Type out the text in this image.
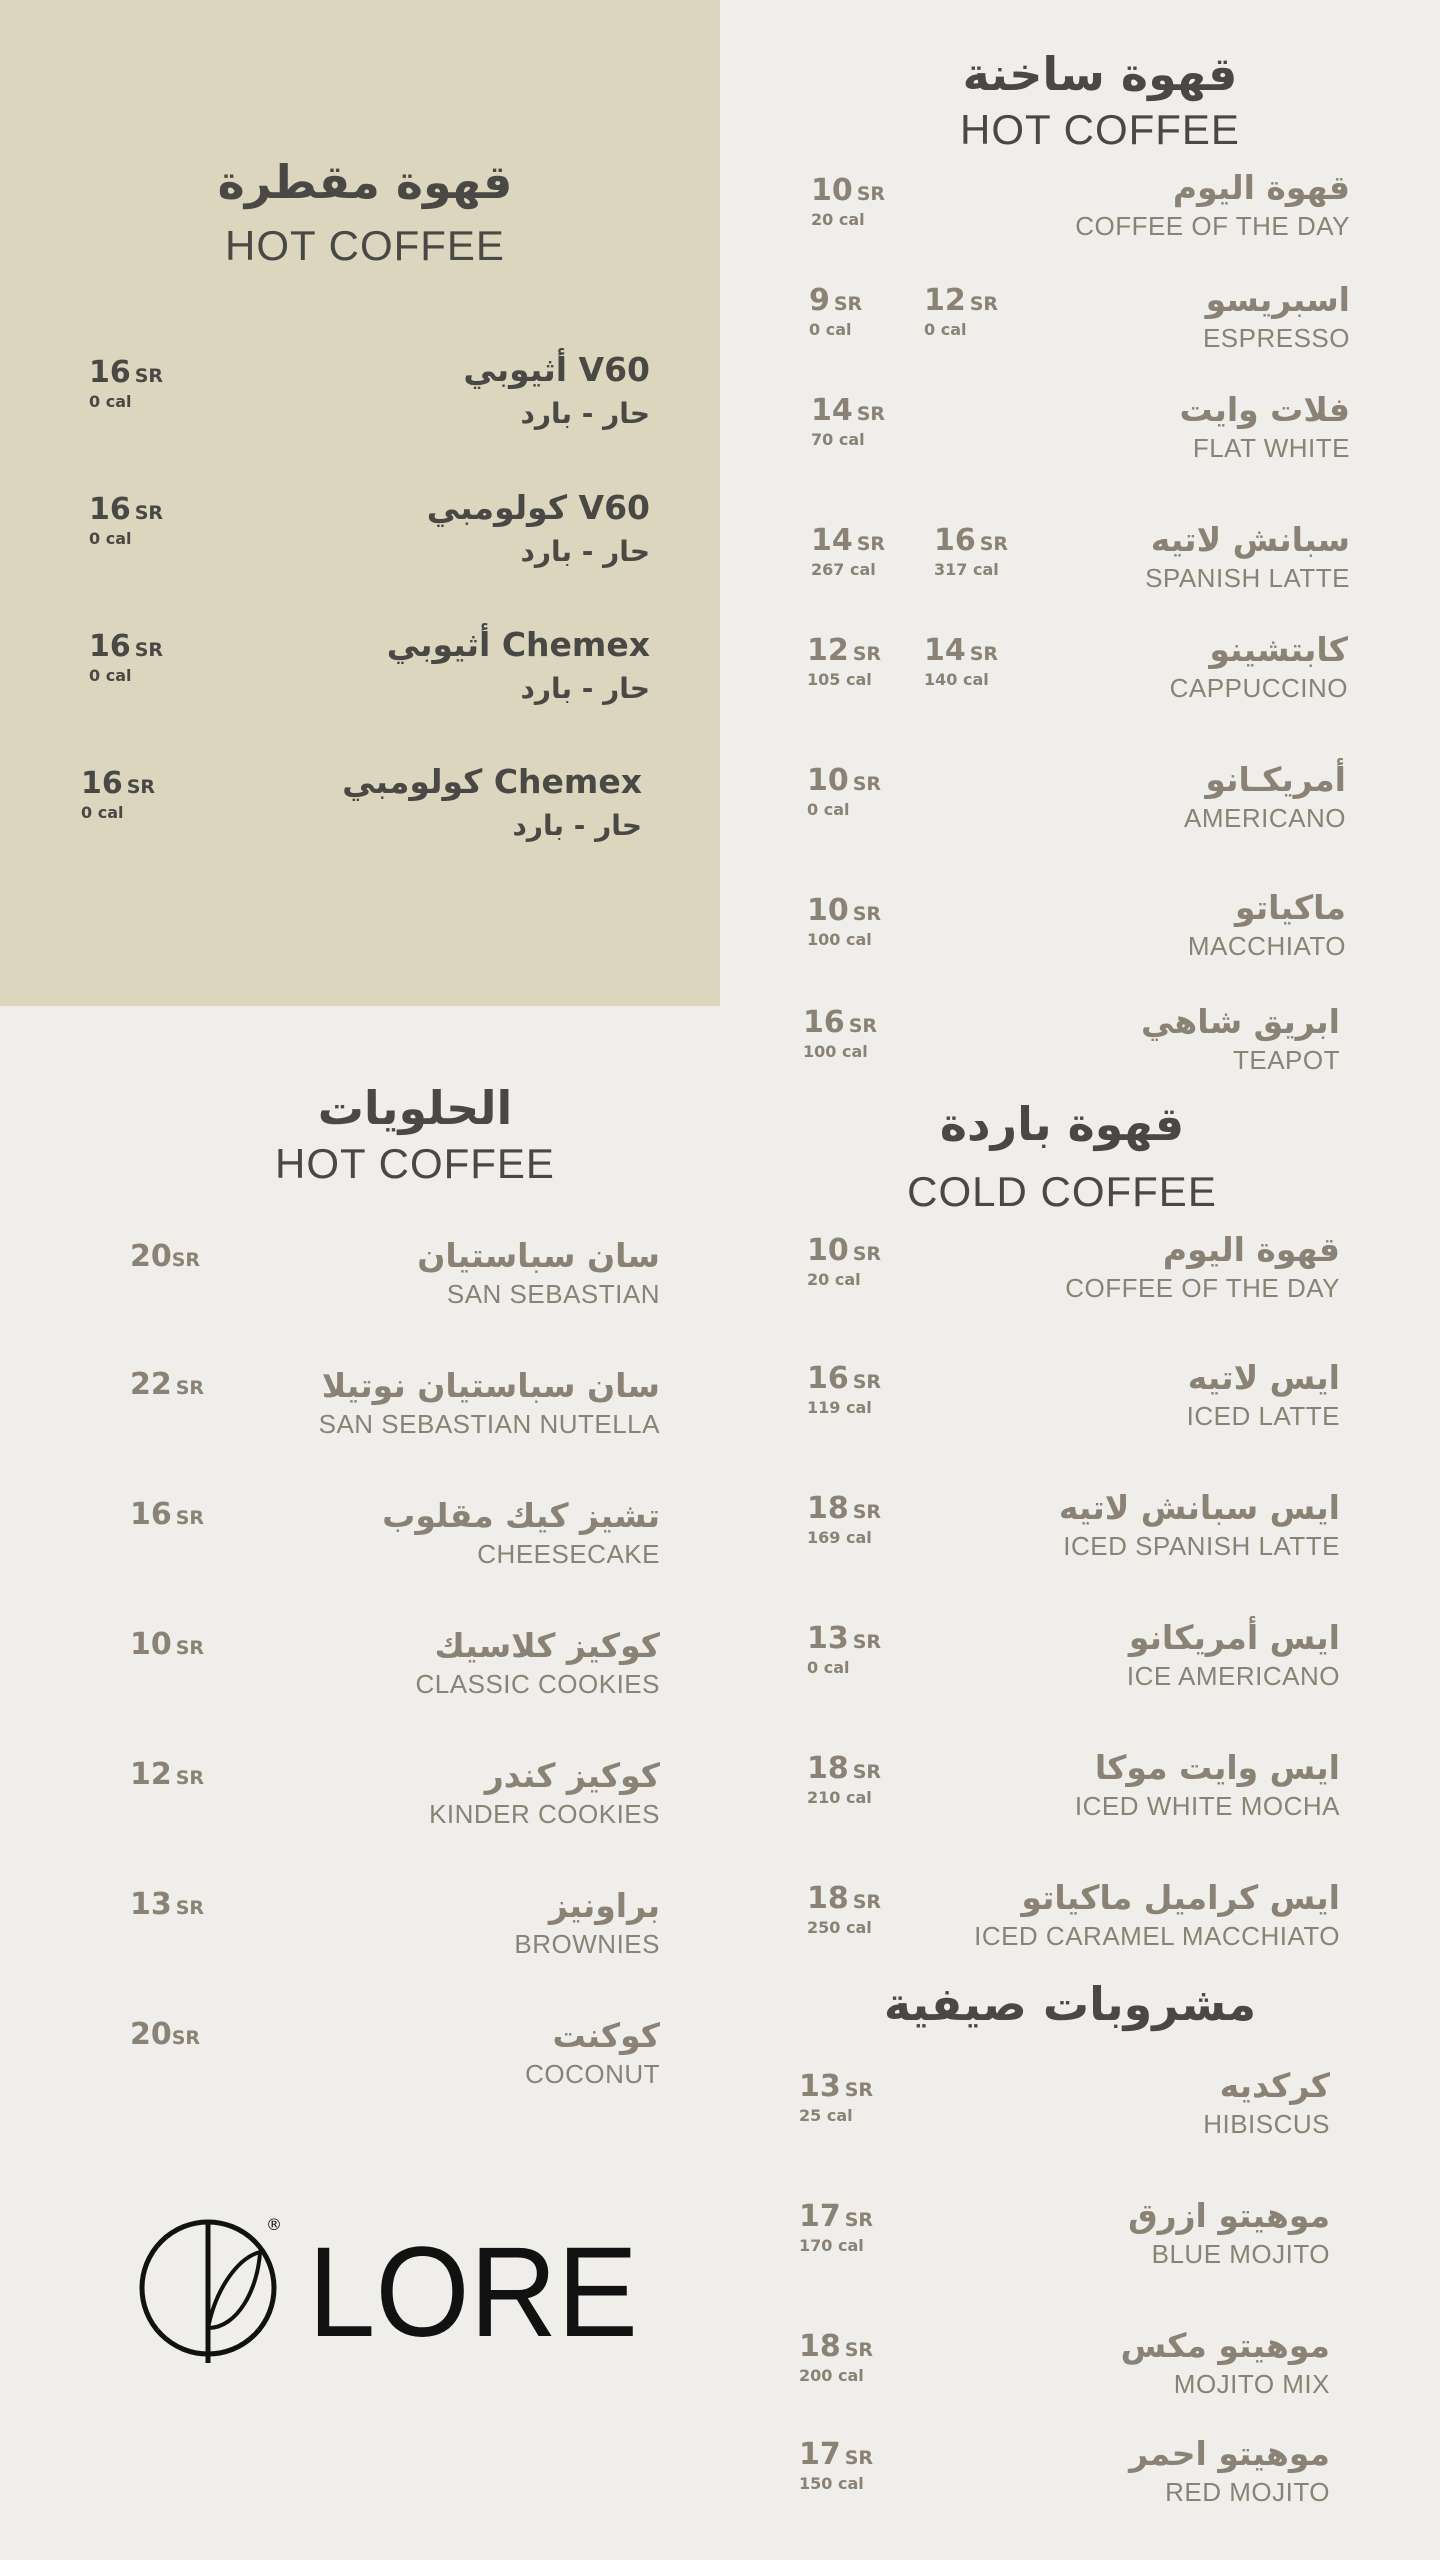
قهوة مقطرة
HOT COFFEE
V60 أثيوبي
حار - بارد
16 SR
0 cal
V60 كولومبي
حار - بارد
16 SR
0 cal
Chemex أثيوبي
حار - بارد
16 SR
0 cal
Chemex كولومبي
حار - بارد
16 SR
0 cal
قهوة ساخنة
HOT COFFEE
قهوة اليوم
COFFEE OF THE DAY
10 SR
20 cal
اسبريسو
ESPRESSO
9 SR
0 cal
12 SR
0 cal
فلات وايت
FLAT WHITE
14 SR
70 cal
سبانش لاتيه
SPANISH LATTE
14 SR
267 cal
16 SR
317 cal
كابتشينو
CAPPUCCINO
12 SR
105 cal
14 SR
140 cal
أمريكـانو
AMERICANO
10 SR
0 cal
ماكياتو
MACCHIATO
10 SR
100 cal
ابريق شاهي
TEAPOT
16 SR
100 cal
الحلويات
HOT COFFEE
سان سباستيان
SAN SEBASTIAN
20SR
سان سباستيان نوتيلا
SAN SEBASTIAN NUTELLA
22 SR
تشيز كيك مقلوب
CHEESECAKE
16 SR
كوكيز كلاسيك
CLASSIC COOKIES
10 SR
كوكيز كندر
KINDER COOKIES
12 SR
براونيز
BROWNIES
13 SR
كوكنت
COCONUT
20SR
قهوة باردة
COLD COFFEE
قهوة اليوم
COFFEE OF THE DAY
10 SR
20 cal
ايس لاتيه
ICED LATTE
16 SR
119 cal
ايس سبانش لاتيه
ICED SPANISH LATTE
18 SR
169 cal
ايس أمريكانو
ICE AMERICANO
13 SR
0 cal
ايس وايت موكا
ICED WHITE MOCHA
18 SR
210 cal
ايس كراميل ماكياتو
ICED CARAMEL MACCHIATO
18 SR
250 cal
مشروبات صيفية
كركديه
HIBISCUS
13 SR
25 cal
موهيتو ازرق
BLUE MOJITO
17 SR
170 cal
موهيتو مكس
MOJITO MIX
18 SR
200 cal
موهيتو احمر
RED MOJITO
17 SR
150 cal
® LORE
